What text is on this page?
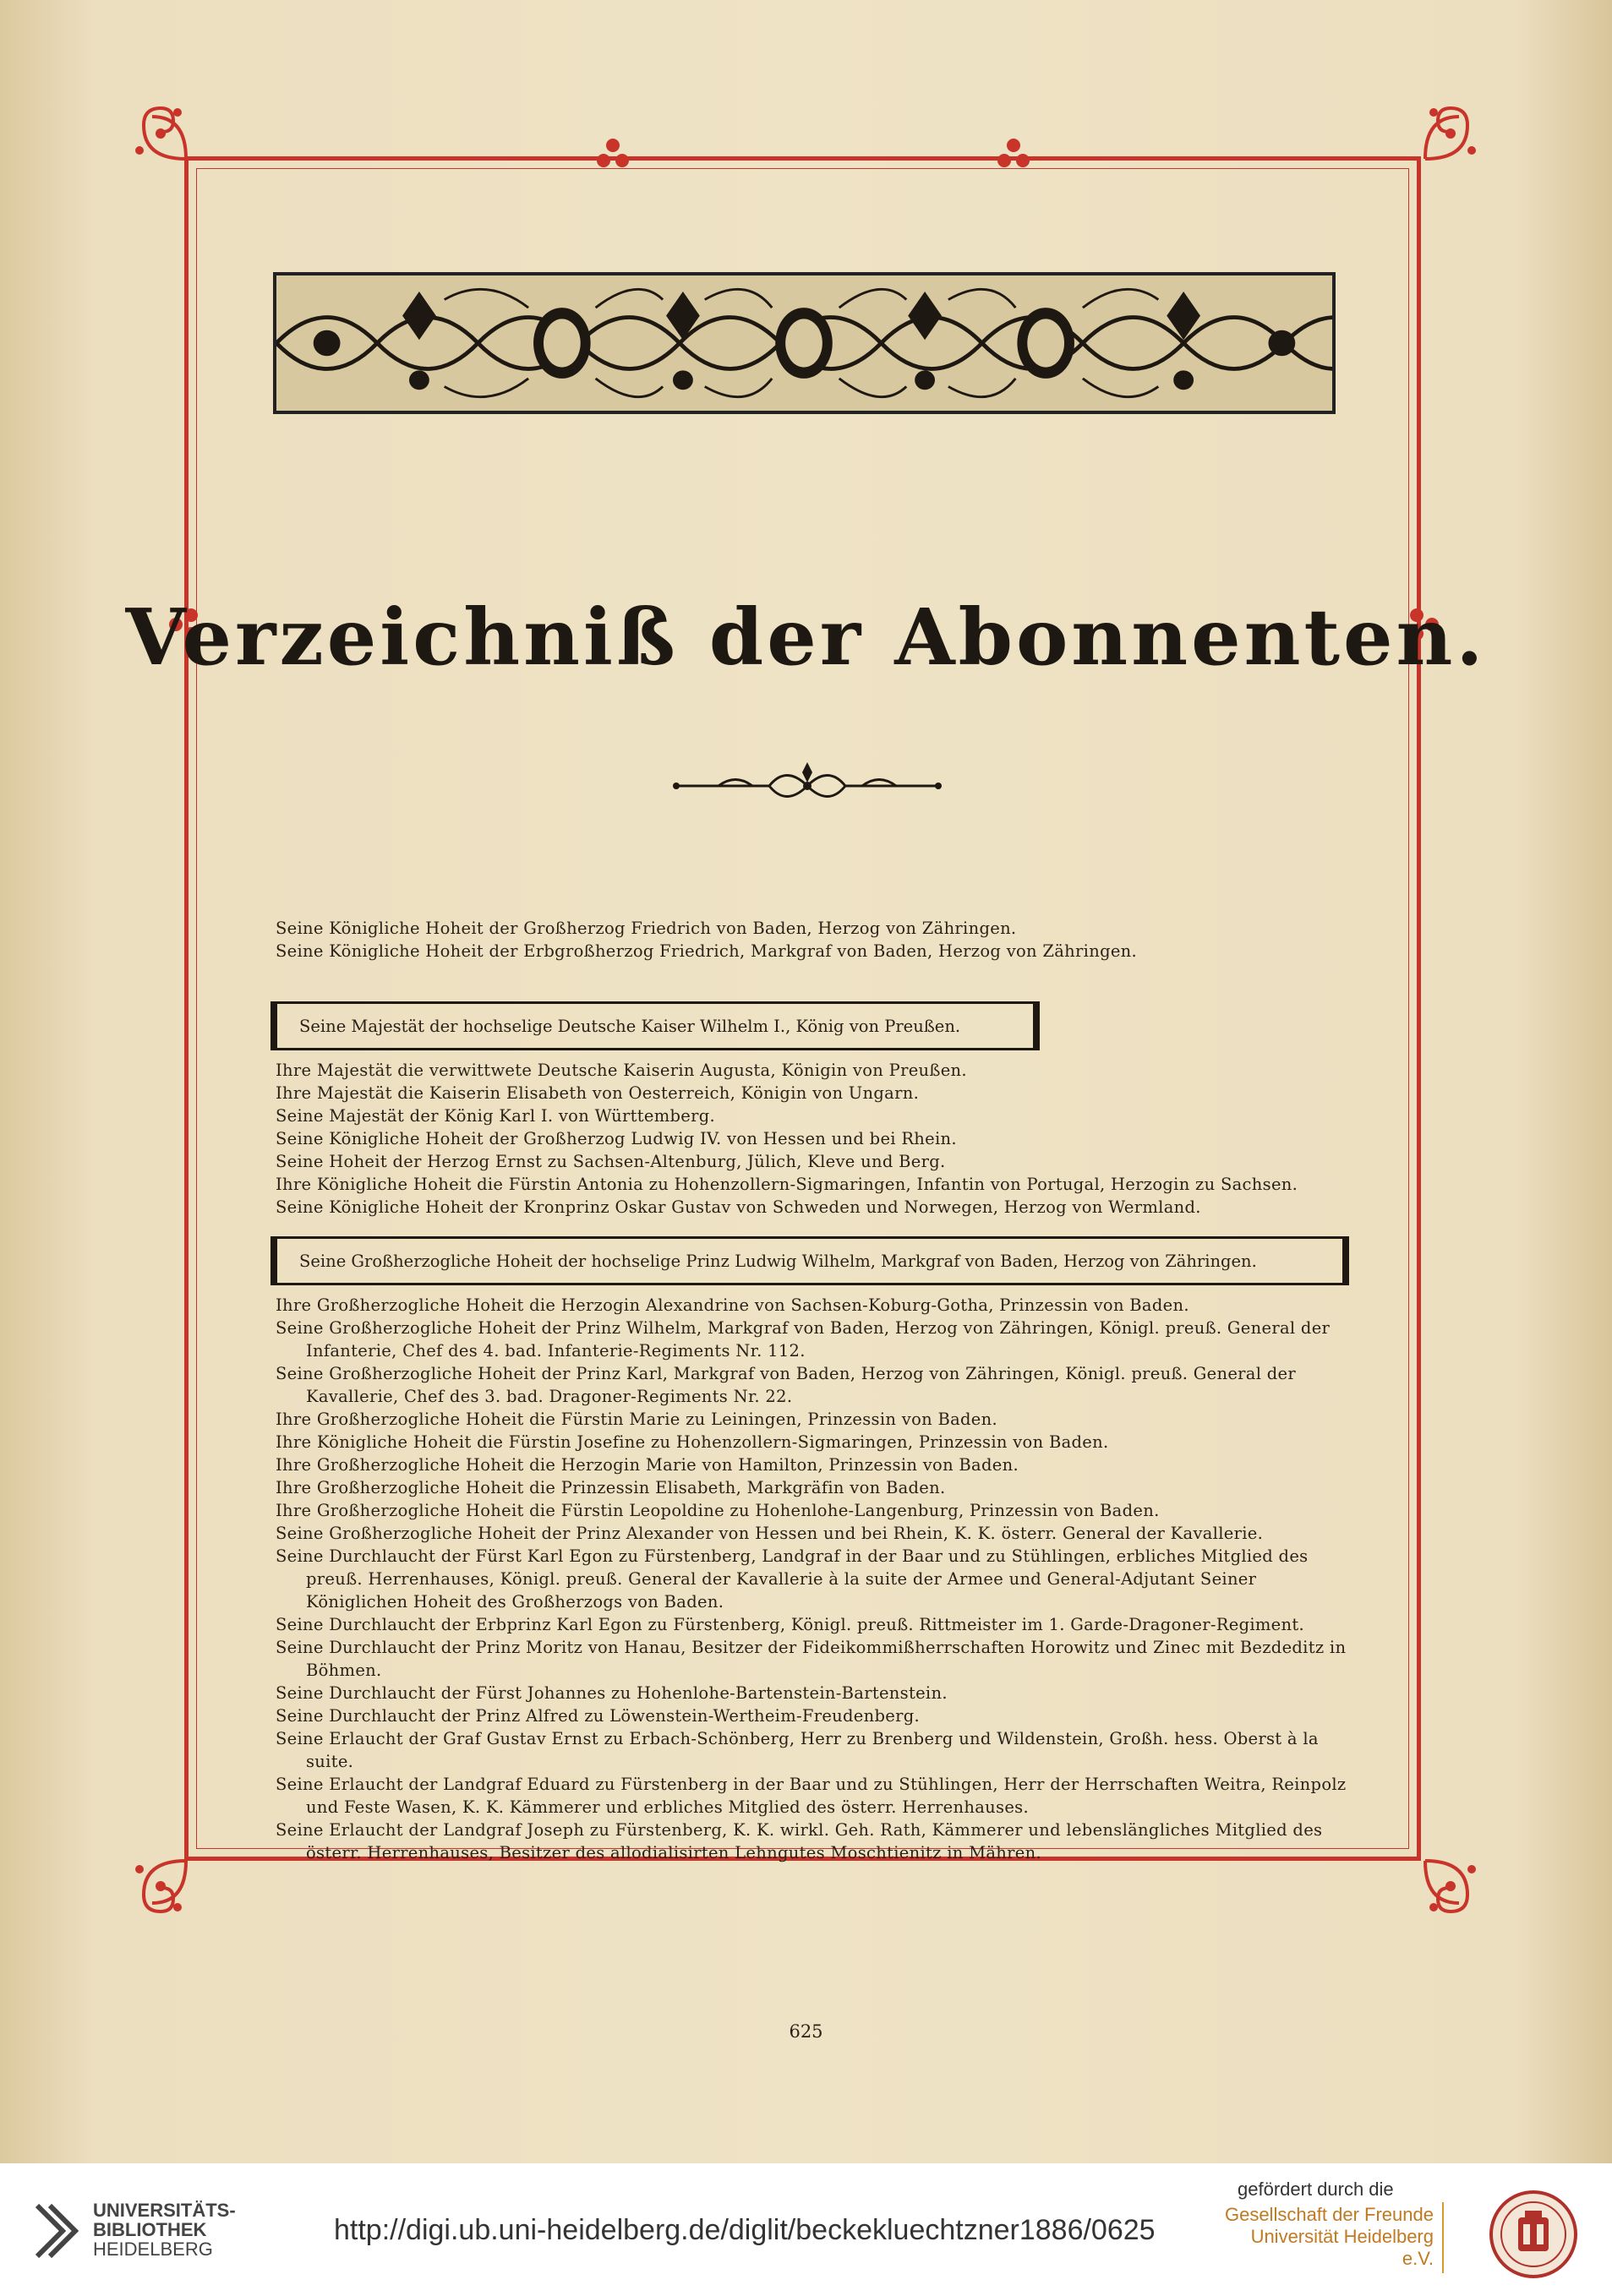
Verzeichniß der Abonnenten.

Seine Königliche Hoheit der Großherzog Friedrich von Baden, Herzog von Zähringen.

Seine Königliche Hoheit der Erbgroßherzog Friedrich, Markgraf von Baden, Herzog von Zähringen.

Seine Majestät der hochselige Deutsche Kaiser Wilhelm I., König von Preußen.

Ihre Majestät die verwittwete Deutsche Kaiserin Augusta, Königin von Preußen.

Ihre Majestät die Kaiserin Elisabeth von Oesterreich, Königin von Ungarn.

Seine Majestät der König Karl I. von Württemberg.

Seine Königliche Hoheit der Großherzog Ludwig IV. von Hessen und bei Rhein.

Seine Hoheit der Herzog Ernst zu Sachsen-Altenburg, Jülich, Kleve und Berg.

Ihre Königliche Hoheit die Fürstin Antonia zu Hohenzollern-Sigmaringen, Infantin von Portugal, Herzogin zu Sachsen.

Seine Königliche Hoheit der Kronprinz Oskar Gustav von Schweden und Norwegen, Herzog von Wermland.

Seine Großherzogliche Hoheit der hochselige Prinz Ludwig Wilhelm, Markgraf von Baden, Herzog von Zähringen.

Ihre Großherzogliche Hoheit die Herzogin Alexandrine von Sachsen-Koburg-Gotha, Prinzessin von Baden.

Seine Großherzogliche Hoheit der Prinz Wilhelm, Markgraf von Baden, Herzog von Zähringen, Königl. preuß. General der Infanterie, Chef des 4. bad. Infanterie-Regiments Nr. 112.

Seine Großherzogliche Hoheit der Prinz Karl, Markgraf von Baden, Herzog von Zähringen, Königl. preuß. General der Kavallerie, Chef des 3. bad. Dragoner-Regiments Nr. 22.

Ihre Großherzogliche Hoheit die Fürstin Marie zu Leiningen, Prinzessin von Baden.

Ihre Königliche Hoheit die Fürstin Josefine zu Hohenzollern-Sigmaringen, Prinzessin von Baden.

Ihre Großherzogliche Hoheit die Herzogin Marie von Hamilton, Prinzessin von Baden.

Ihre Großherzogliche Hoheit die Prinzessin Elisabeth, Markgräfin von Baden.

Ihre Großherzogliche Hoheit die Fürstin Leopoldine zu Hohenlohe-Langenburg, Prinzessin von Baden.

Seine Großherzogliche Hoheit der Prinz Alexander von Hessen und bei Rhein, K. K. österr. General der Kavallerie.

Seine Durchlaucht der Fürst Karl Egon zu Fürstenberg, Landgraf in der Baar und zu Stühlingen, erbliches Mitglied des preuß. Herrenhauses, Königl. preuß. General der Kavallerie à la suite der Armee und General-Adjutant Seiner Königlichen Hoheit des Großherzogs von Baden.

Seine Durchlaucht der Erbprinz Karl Egon zu Fürstenberg, Königl. preuß. Rittmeister im 1. Garde-Dragoner-Regiment.

Seine Durchlaucht der Prinz Moritz von Hanau, Besitzer der Fideikommißherrschaften Horowitz und Zinec mit Bezdeditz in Böhmen.

Seine Durchlaucht der Fürst Johannes zu Hohenlohe-Bartenstein-Bartenstein.

Seine Durchlaucht der Prinz Alfred zu Löwenstein-Wertheim-Freudenberg.

Seine Erlaucht der Graf Gustav Ernst zu Erbach-Schönberg, Herr zu Brenberg und Wildenstein, Großh. hess. Oberst à la suite.

Seine Erlaucht der Landgraf Eduard zu Fürstenberg in der Baar und zu Stühlingen, Herr der Herrschaften Weitra, Reinpolz und Feste Wasen, K. K. Kämmerer und erbliches Mitglied des österr. Herrenhauses.

Seine Erlaucht der Landgraf Joseph zu Fürstenberg, K. K. wirkl. Geh. Rath, Kämmerer und lebenslängliches Mitglied des österr. Herrenhauses, Besitzer des allodialisirten Lehngutes Moschtienitz in Mähren.

625
UNIVERSITÄTS-
BIBLIOTHEK
HEIDELBERG
http://digi.ub.uni-heidelberg.de/diglit/beckekluechtzner1886/0625
gefördert durch die
Gesellschaft der Freunde
Universität Heidelberg e.V.
